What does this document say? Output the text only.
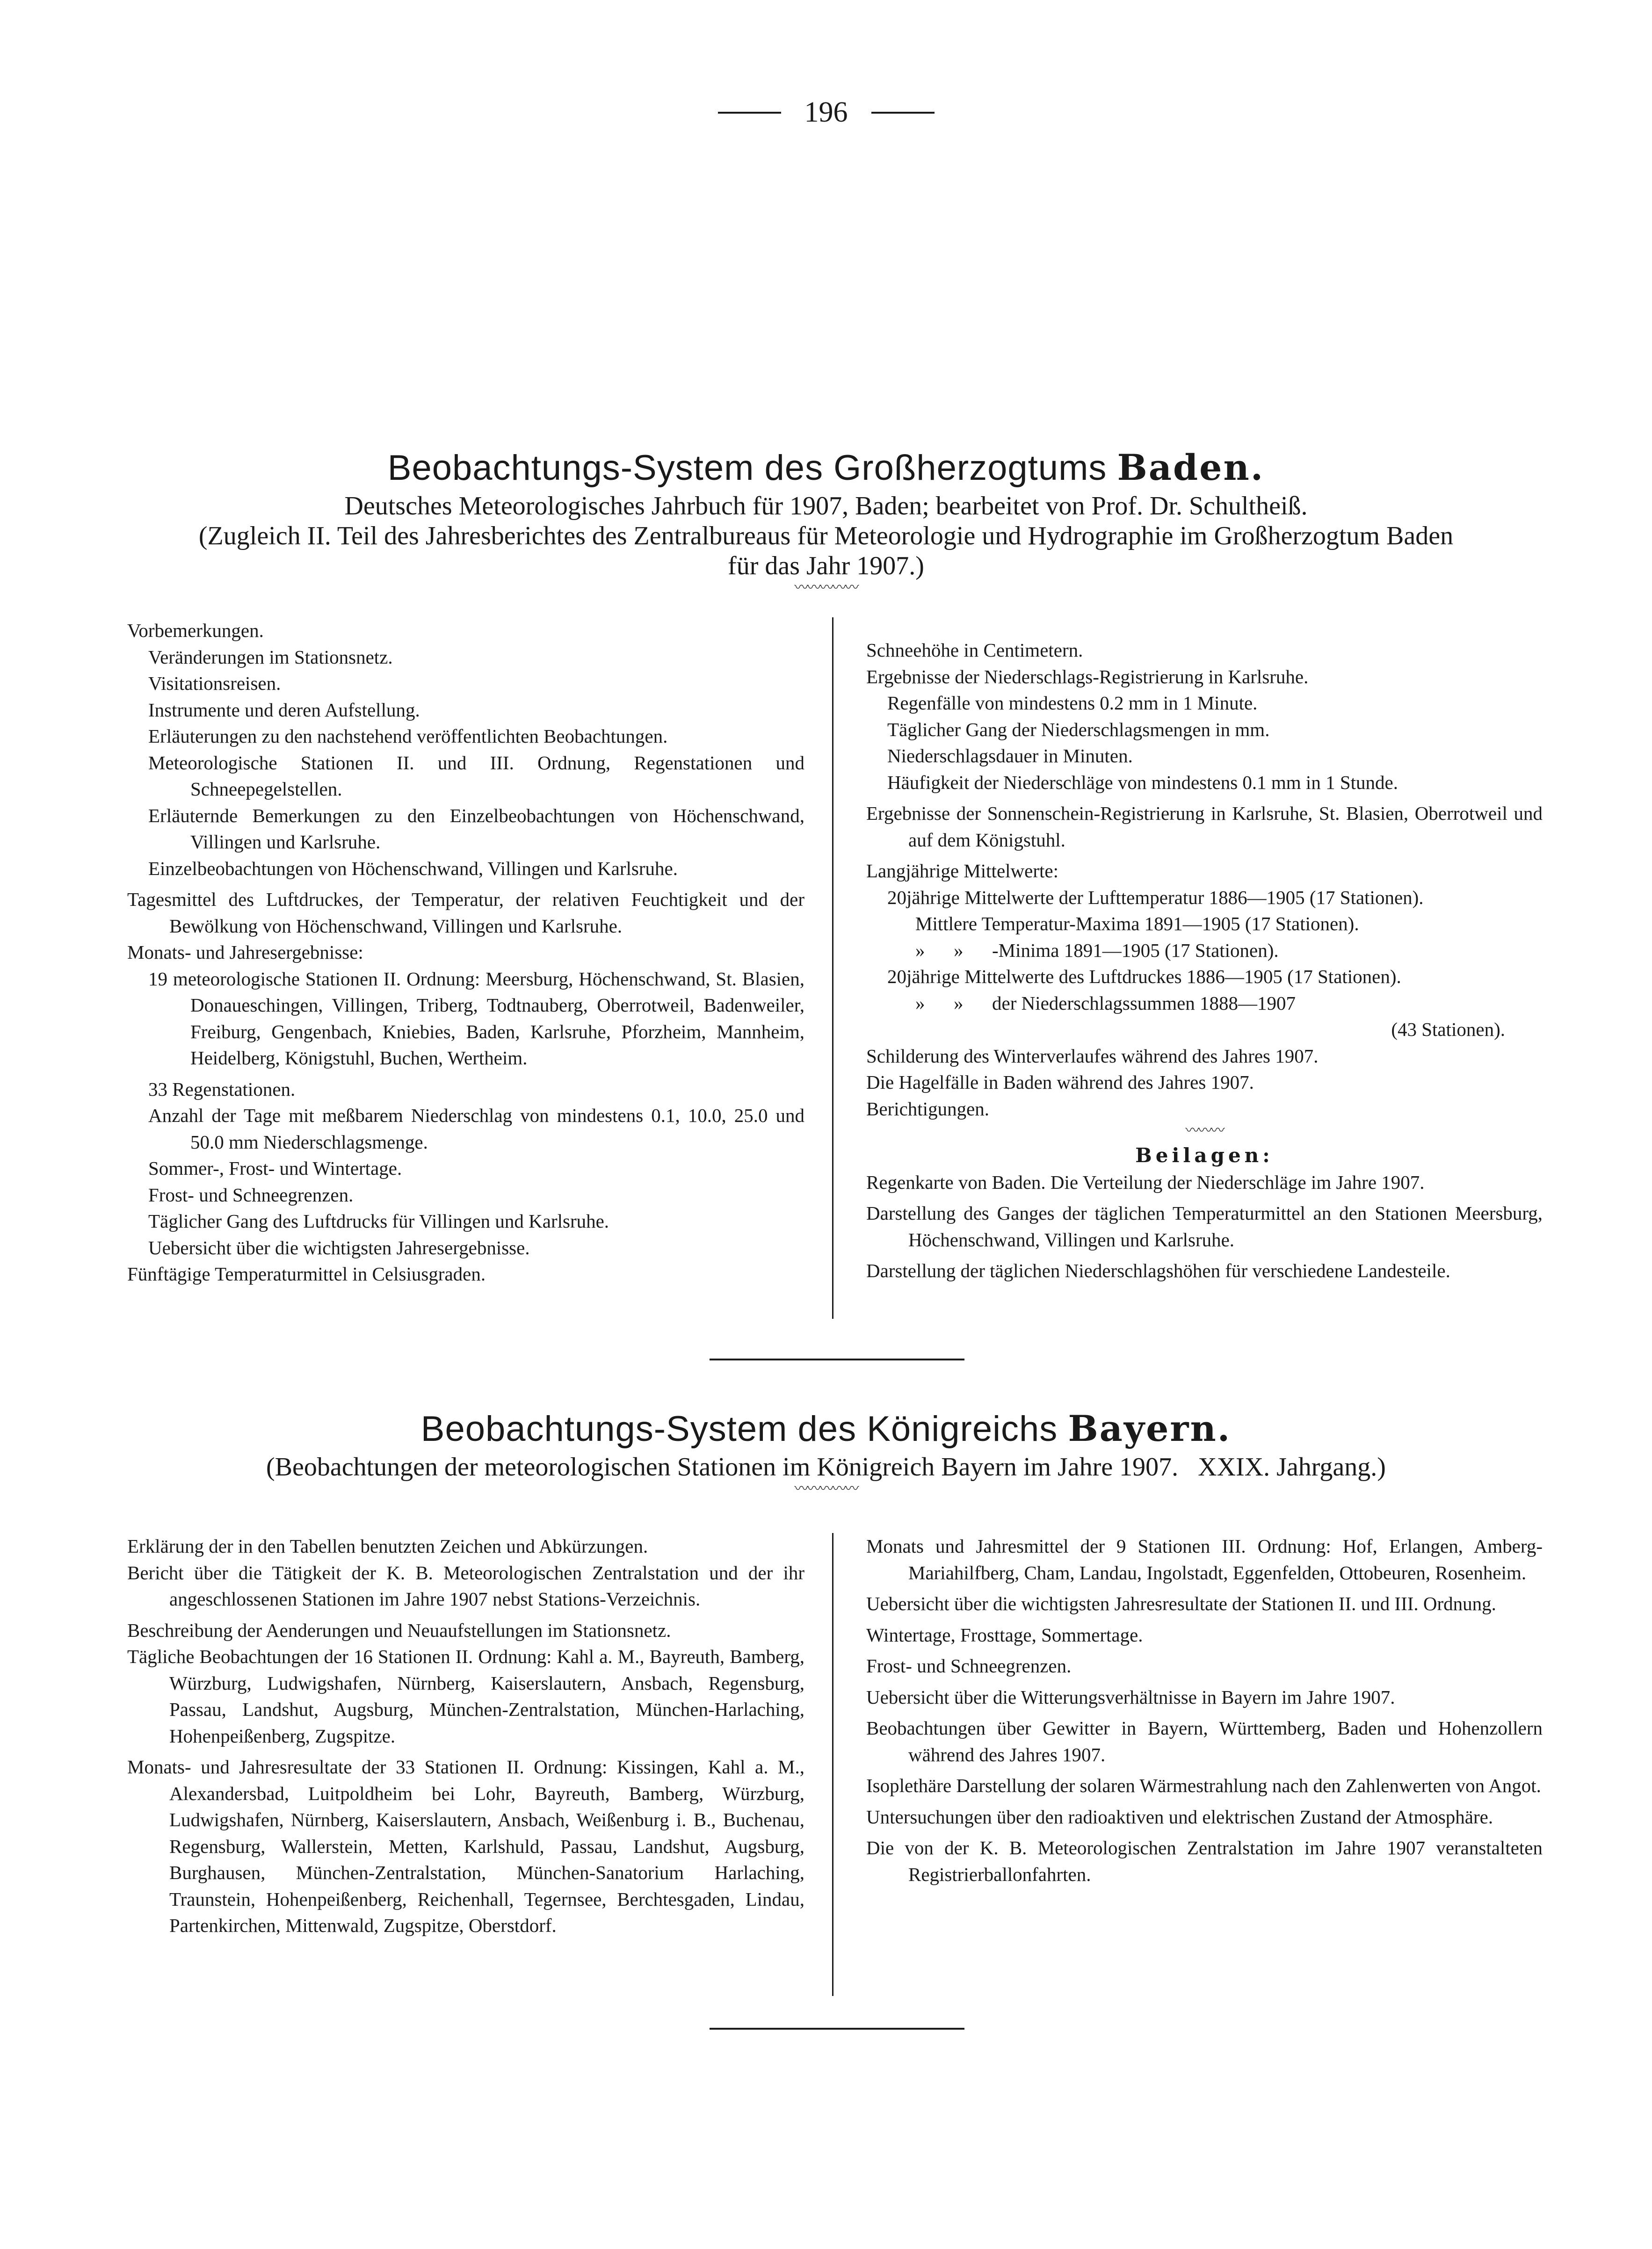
196
Beobachtungs-System des Großherzogtums Baden.

Deutsches Meteorologisches Jahrbuch für 1907, Baden; bearbeitet von Prof. Dr. Schultheiß.

(Zugleich II. Teil des Jahresberichtes des Zentralbureaus für Meteorologie und Hydrographie im Großherzogtum Baden

für das Jahr 1907.)

〰〰〰〰〰

Vorbemerkungen.

Veränderungen im Stationsnetz.

Visitationsreisen.

Instrumente und deren Aufstellung.

Erläuterungen zu den nachstehend veröffentlichten Beobachtungen.

Meteorologische Stationen II. und III. Ordnung, Regenstationen und Schneepegelstellen.

Erläuternde Bemerkungen zu den Einzelbeobachtungen von Höchenschwand, Villingen und Karlsruhe.

Einzelbeobachtungen von Höchenschwand, Villingen und Karlsruhe.

Tagesmittel des Luftdruckes, der Temperatur, der relativen Feuchtigkeit und der Bewölkung von Höchenschwand, Villingen und Karlsruhe.

Monats- und Jahresergebnisse:

19 meteorologische Stationen II. Ordnung: Meersburg, Höchenschwand, St. Blasien, Donaueschingen, Villingen, Triberg, Todtnauberg, Oberrotweil, Badenweiler, Freiburg, Gengenbach, Kniebies, Baden, Karlsruhe, Pforzheim, Mannheim, Heidelberg, Königstuhl, Buchen, Wertheim.

33 Regenstationen.

Anzahl der Tage mit meßbarem Niederschlag von mindestens 0.1, 10.0, 25.0 und 50.0 mm Niederschlagsmenge.

Sommer-, Frost- und Wintertage.

Frost- und Schneegrenzen.

Täglicher Gang des Luftdrucks für Villingen und Karlsruhe.

Uebersicht über die wichtigsten Jahresergebnisse.

Fünftägige Temperaturmittel in Celsiusgraden.

Schneehöhe in Centimetern.

Ergebnisse der Niederschlags-Registrierung in Karlsruhe.

Regenfälle von mindestens 0.2 mm in 1 Minute.

Täglicher Gang der Niederschlagsmengen in mm.

Niederschlagsdauer in Minuten.

Häufigkeit der Niederschläge von mindestens 0.1 mm in 1 Stunde.

Ergebnisse der Sonnenschein-Registrierung in Karlsruhe, St. Blasien, Oberrotweil und auf dem Königstuhl.

Langjährige Mittelwerte:

20jährige Mittelwerte der Lufttemperatur 1886—1905 (17 Stationen).

Mittlere Temperatur-Maxima 1891—1905 (17 Stationen).

»      »      -Minima 1891—1905 (17 Stationen).

20jährige Mittelwerte des Luftdruckes 1886—1905 (17 Stationen).

»      »      der Niederschlagssummen 1888—1907

(43 Stationen).

Schilderung des Winterverlaufes während des Jahres 1907.

Die Hagelfälle in Baden während des Jahres 1907.

Berichtigungen.

〰〰〰

Beilagen:

Regenkarte von Baden. Die Verteilung der Niederschläge im Jahre 1907.

Darstellung des Ganges der täglichen Temperaturmittel an den Stationen Meersburg, Höchenschwand, Villingen und Karlsruhe.

Darstellung der täglichen Niederschlagshöhen für verschiedene Landesteile.

Beobachtungs-System des Königreichs Bayern.

(Beobachtungen der meteorologischen Stationen im Königreich Bayern im Jahre 1907.   XXIX. Jahrgang.)

〰〰〰〰〰

Erklärung der in den Tabellen benutzten Zeichen und Abkürzungen.

Bericht über die Tätigkeit der K. B. Meteorologischen Zentralstation und der ihr angeschlossenen Stationen im Jahre 1907 nebst Stations-Verzeichnis.

Beschreibung der Aenderungen und Neuaufstellungen im Stationsnetz.

Tägliche Beobachtungen der 16 Stationen II. Ordnung: Kahl a. M., Bayreuth, Bamberg, Würzburg, Ludwigshafen, Nürnberg, Kaiserslautern, Ansbach, Regensburg, Passau, Landshut, Augsburg, München-Zentralstation, München-Harlaching, Hohenpeißenberg, Zugspitze.

Monats- und Jahresresultate der 33 Stationen II. Ordnung: Kissingen, Kahl a. M., Alexandersbad, Luitpoldheim bei Lohr, Bayreuth, Bamberg, Würzburg, Ludwigshafen, Nürnberg, Kaiserslautern, Ansbach, Weißenburg i. B., Buchenau, Regensburg, Wallerstein, Metten, Karlshuld, Passau, Landshut, Augsburg, Burghausen, München-Zentralstation, München-Sanatorium Harlaching, Traunstein, Hohenpeißenberg, Reichenhall, Tegernsee, Berchtesgaden, Lindau, Partenkirchen, Mittenwald, Zugspitze, Oberstdorf.

Monats und Jahresmittel der 9 Stationen III. Ordnung: Hof, Erlangen, Amberg-Mariahilfberg, Cham, Landau, Ingolstadt, Eggenfelden, Ottobeuren, Rosenheim.

Uebersicht über die wichtigsten Jahresresultate der Stationen II. und III. Ordnung.

Wintertage, Frosttage, Sommertage.

Frost- und Schneegrenzen.

Uebersicht über die Witterungsverhältnisse in Bayern im Jahre 1907.

Beobachtungen über Gewitter in Bayern, Württemberg, Baden und Hohenzollern während des Jahres 1907.

Isoplethäre Darstellung der solaren Wärmestrahlung nach den Zahlenwerten von Angot.

Untersuchungen über den radioaktiven und elektrischen Zustand der Atmosphäre.

Die von der K. B. Meteorologischen Zentralstation im Jahre 1907 veranstalteten Registrierballonfahrten.
